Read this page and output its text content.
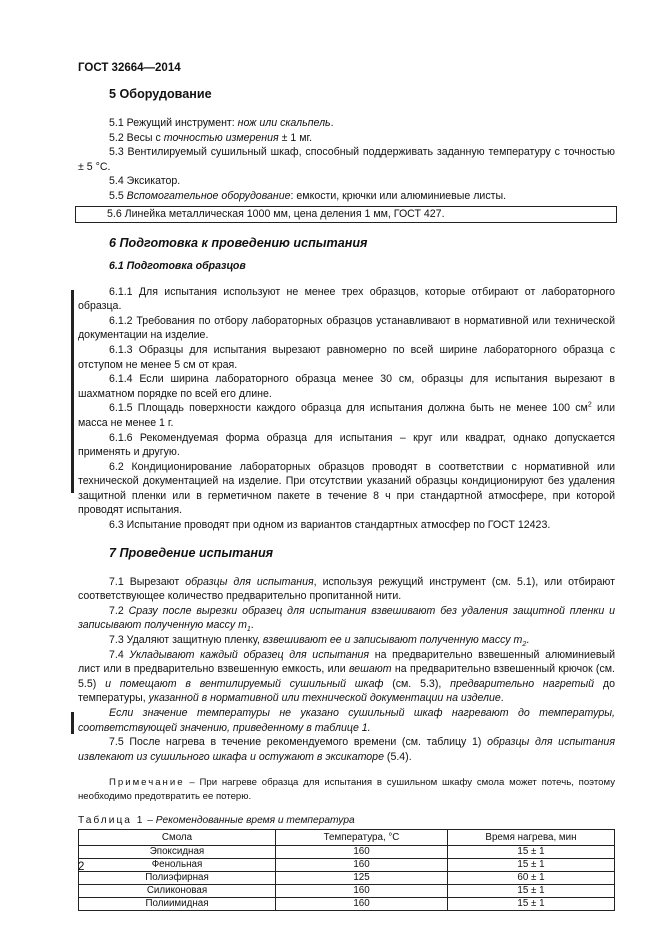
ГОСТ 32664—2014
5 Оборудование

5.1 Режущий инструмент: нож или скальпель.

5.2 Весы с точностью измерения ± 1 мг.

5.3 Вентилируемый сушильный шкаф, способный поддерживать заданную температуру с точностью ± 5 °С.

5.4 Эксикатор.

5.5 Вспомогательное оборудование: емкости, крючки или алюминиевые листы.

5.6 Линейка металлическая 1000 мм, цена деления 1 мм, ГОСТ 427.
6 Подготовка к проведению испытания
6.1 Подготовка образцов

6.1.1 Для испытания используют не менее трех образцов, которые отбирают от лабораторного образца.

6.1.2 Требования по отбору лабораторных образцов устанавливают в нормативной или технической документации на изделие.

6.1.3 Образцы для испытания вырезают равномерно по всей ширине лабораторного образца с отступом не менее 5 см от края.

6.1.4 Если ширина лабораторного образца менее 30 см, образцы для испытания вырезают в шахматном порядке по всей его длине.

6.1.5 Площадь поверхности каждого образца для испытания должна быть не менее 100 $см^2$ или масса не менее 1 г.

6.1.6 Рекомендуемая форма образца для испытания – круг или квадрат, однако допускается применять и другую.

6.2 Кондиционирование лабораторных образцов проводят в соответствии с нормативной или технической документацией на изделие. При отсутствии указаний образцы кондиционируют без удаления защитной пленки или в герметичном пакете в течение 8 ч при стандартной атмосфере, при которой проводят испытания.

6.3 Испытание проводят при одном из вариантов стандартных атмосфер по ГОСТ 12423.

7 Проведение испытания

7.1 Вырезают образцы для испытания, используя режущий инструмент (см. 5.1), или отбирают соответствующее количество предварительно пропитанной нити.

7.2 Сразу после вырезки образец для испытания взвешивают без удаления защитной пленки и записывают полученную массу $m_1$.

7.3 Удаляют защитную пленку, взвешивают ее и записывают полученную массу $m_2$.

7.4 Укладывают каждый образец для испытания на предварительно взвешенный алюминиевый лист или в предварительно взвешенную емкость, или вешают на предварительно взвешенный крючок (см. 5.5) и помещают в вентилируемый сушильный шкаф (см. 5.3), предварительно нагретый до температуры, указанной в нормативной или технической документации на изделие.

Если значение температуры не указано сушильный шкаф нагревают до температуры, соответствующей значению, приведенному в таблице 1.

7.5 После нагрева в течение рекомендуемого времени (см. таблицу 1) образцы для испытания извлекают из сушильного шкафа и остужают в эксикаторе (5.4).

Примечание – При нагреве образца для испытания в сушильном шкафу смола может потечь, поэтому необходимо предотвратить ее потерю.

Таблица 1 – Рекомендованные время и температура

Смола	Температура, °С	Время нагрева, мин
Эпоксидная	160	15 ± 1
Фенольная	160	15 ± 1
Полиэфирная	125	60 ± 1
Силиконовая	160	15 ± 1
Полиимидная	160	15 ± 1
2
